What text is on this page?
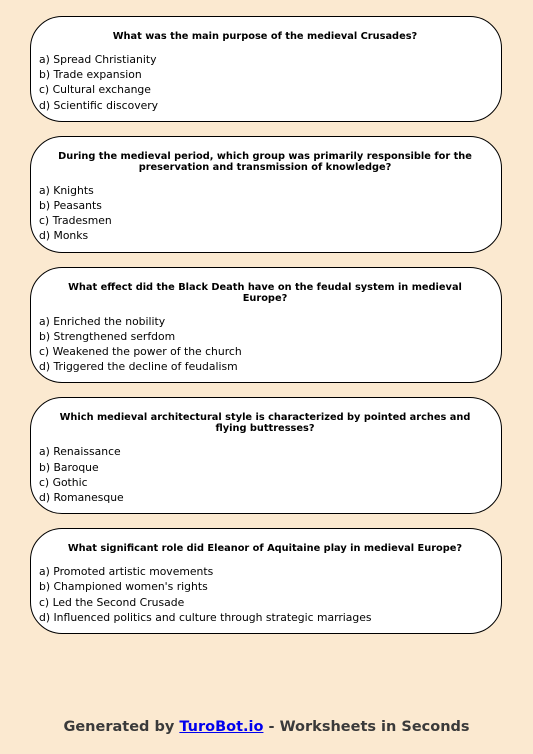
What was the main purpose of the medieval Crusades?
a) Spread Christianity
b) Trade expansion
c) Cultural exchange
d) Scientific discovery
During the medieval period, which group was primarily responsible for the preservation and transmission of knowledge?
a) Knights
b) Peasants
c) Tradesmen
d) Monks
What effect did the Black Death have on the feudal system in medieval Europe?
a) Enriched the nobility
b) Strengthened serfdom
c) Weakened the power of the church
d) Triggered the decline of feudalism
Which medieval architectural style is characterized by pointed arches and flying buttresses?
a) Renaissance
b) Baroque
c) Gothic
d) Romanesque
What significant role did Eleanor of Aquitaine play in medieval Europe?
a) Promoted artistic movements
b) Championed women's rights
c) Led the Second Crusade
d) Influenced politics and culture through strategic marriages
Generated by TuroBot.io - Worksheets in Seconds
